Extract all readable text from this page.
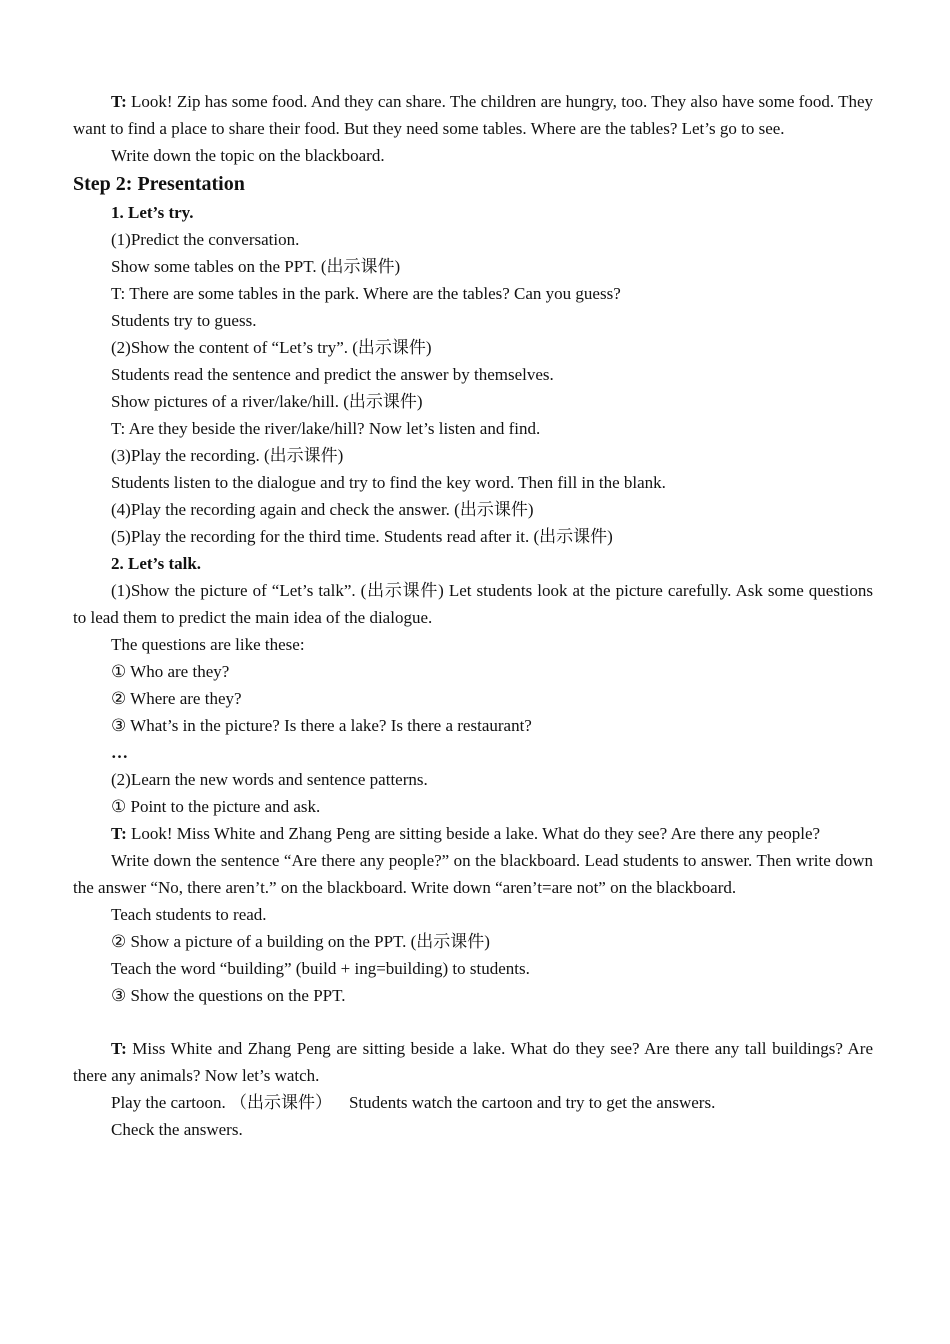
T: Look! Zip has some food. And they can share. The children are hungry, too. They also have some food. They want to find a place to share their food. But they need some tables. Where are the tables? Let’s go to see.

Write down the topic on the blackboard.

Step 2: Presentation

1. Let’s try.

(1)Predict the conversation.

Show some tables on the PPT. (出示课件)

T: There are some tables in the park. Where are the tables? Can you guess?

Students try to guess.

(2)Show the content of “Let’s try”. (出示课件)

Students read the sentence and predict the answer by themselves.

Show pictures of a river/lake/hill. (出示课件)

T: Are they beside the river/lake/hill? Now let’s listen and find.

(3)Play the recording. (出示课件)

Students listen to the dialogue and try to find the key word. Then fill in the blank.

(4)Play the recording again and check the answer. (出示课件)

(5)Play the recording for the third time. Students read after it. (出示课件)

2. Let’s talk.

(1)Show the picture of “Let’s talk”. (出示课件) Let students look at the picture carefully. Ask some questions to lead them to predict the main idea of the dialogue.

The questions are like these:

① Who are they?

② Where are they?

③ What’s in the picture? Is there a lake? Is there a restaurant?

…

(2)Learn the new words and sentence patterns.

① Point to the picture and ask.

T: Look! Miss White and Zhang Peng are sitting beside a lake. What do they see? Are there any people?

Write down the sentence “Are there any people?” on the blackboard. Lead students to answer. Then write down the answer “No, there aren’t.” on the blackboard. Write down “aren’t=are not” on the blackboard.

Teach students to read.

② Show a picture of a building on the PPT. (出示课件)

Teach the word “building” (build + ing=building) to students.

③ Show the questions on the PPT.

T: Miss White and Zhang Peng are sitting beside a lake. What do they see? Are there any tall buildings? Are there any animals? Now let’s watch.

Play the cartoon. （出示课件）    Students watch the cartoon and try to get the answers.

Check the answers.
